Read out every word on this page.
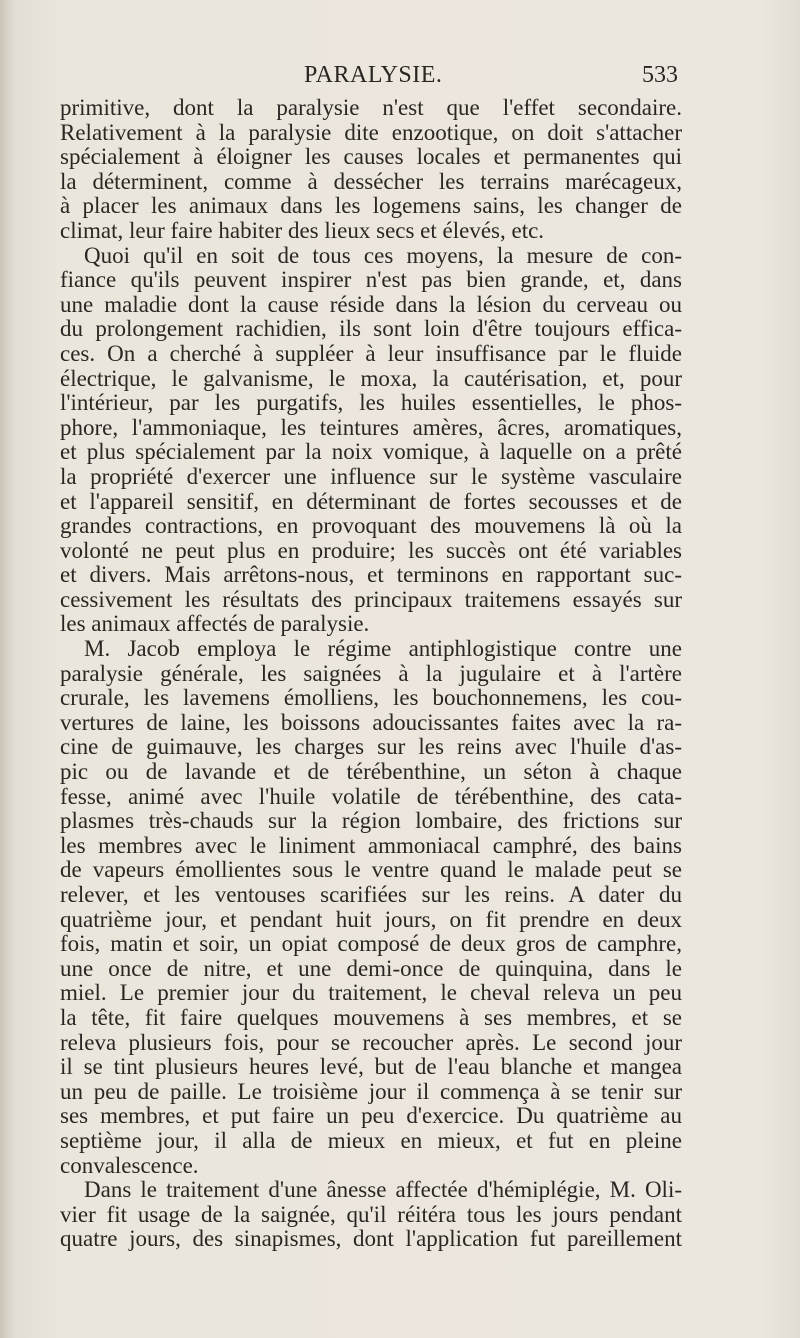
PARALYSIE.	533
primitive, dont la paralysie n'est que l'effet secondaire.
Relativement à la paralysie dite enzootique, on doit s'attacher
spécialement à éloigner les causes locales et permanentes qui
la déterminent, comme à dessécher les terrains marécageux,
à placer les animaux dans les logemens sains, les changer de
climat, leur faire habiter des lieux secs et élevés, etc.
Quoi qu'il en soit de tous ces moyens, la mesure de con-
fiance qu'ils peuvent inspirer n'est pas bien grande, et, dans
une maladie dont la cause réside dans la lésion du cerveau ou
du prolongement rachidien, ils sont loin d'être toujours effica-
ces. On a cherché à suppléer à leur insuffisance par le fluide
électrique, le galvanisme, le moxa, la cautérisation, et, pour
l'intérieur, par les purgatifs, les huiles essentielles, le phos-
phore, l'ammoniaque, les teintures amères, âcres, aromatiques,
et plus spécialement par la noix vomique, à laquelle on a prêté
la propriété d'exercer une influence sur le système vasculaire
et l'appareil sensitif, en déterminant de fortes secousses et de
grandes contractions, en provoquant des mouvemens là où la
volonté ne peut plus en produire; les succès ont été variables
et divers. Mais arrêtons-nous, et terminons en rapportant suc-
cessivement les résultats des principaux traitemens essayés sur
les animaux affectés de paralysie.
M. Jacob employa le régime antiphlogistique contre une
paralysie générale, les saignées à la jugulaire et à l'artère
crurale, les lavemens émolliens, les bouchonnemens, les cou-
vertures de laine, les boissons adoucissantes faites avec la ra-
cine de guimauve, les charges sur les reins avec l'huile d'as-
pic ou de lavande et de térébenthine, un séton à chaque
fesse, animé avec l'huile volatile de térébenthine, des cata-
plasmes très-chauds sur la région lombaire, des frictions sur
les membres avec le liniment ammoniacal camphré, des bains
de vapeurs émollientes sous le ventre quand le malade peut se
relever, et les ventouses scarifiées sur les reins. A dater du
quatrième jour, et pendant huit jours, on fit prendre en deux
fois, matin et soir, un opiat composé de deux gros de camphre,
une once de nitre, et une demi-once de quinquina, dans le
miel. Le premier jour du traitement, le cheval releva un peu
la tête, fit faire quelques mouvemens à ses membres, et se
releva plusieurs fois, pour se recoucher après. Le second jour
il se tint plusieurs heures levé, but de l'eau blanche et mangea
un peu de paille. Le troisième jour il commença à se tenir sur
ses membres, et put faire un peu d'exercice. Du quatrième au
septième jour, il alla de mieux en mieux, et fut en pleine
convalescence.
Dans le traitement d'une ânesse affectée d'hémiplégie, M. Oli-
vier fit usage de la saignée, qu'il réitéra tous les jours pendant
quatre jours, des sinapismes, dont l'application fut pareillement
